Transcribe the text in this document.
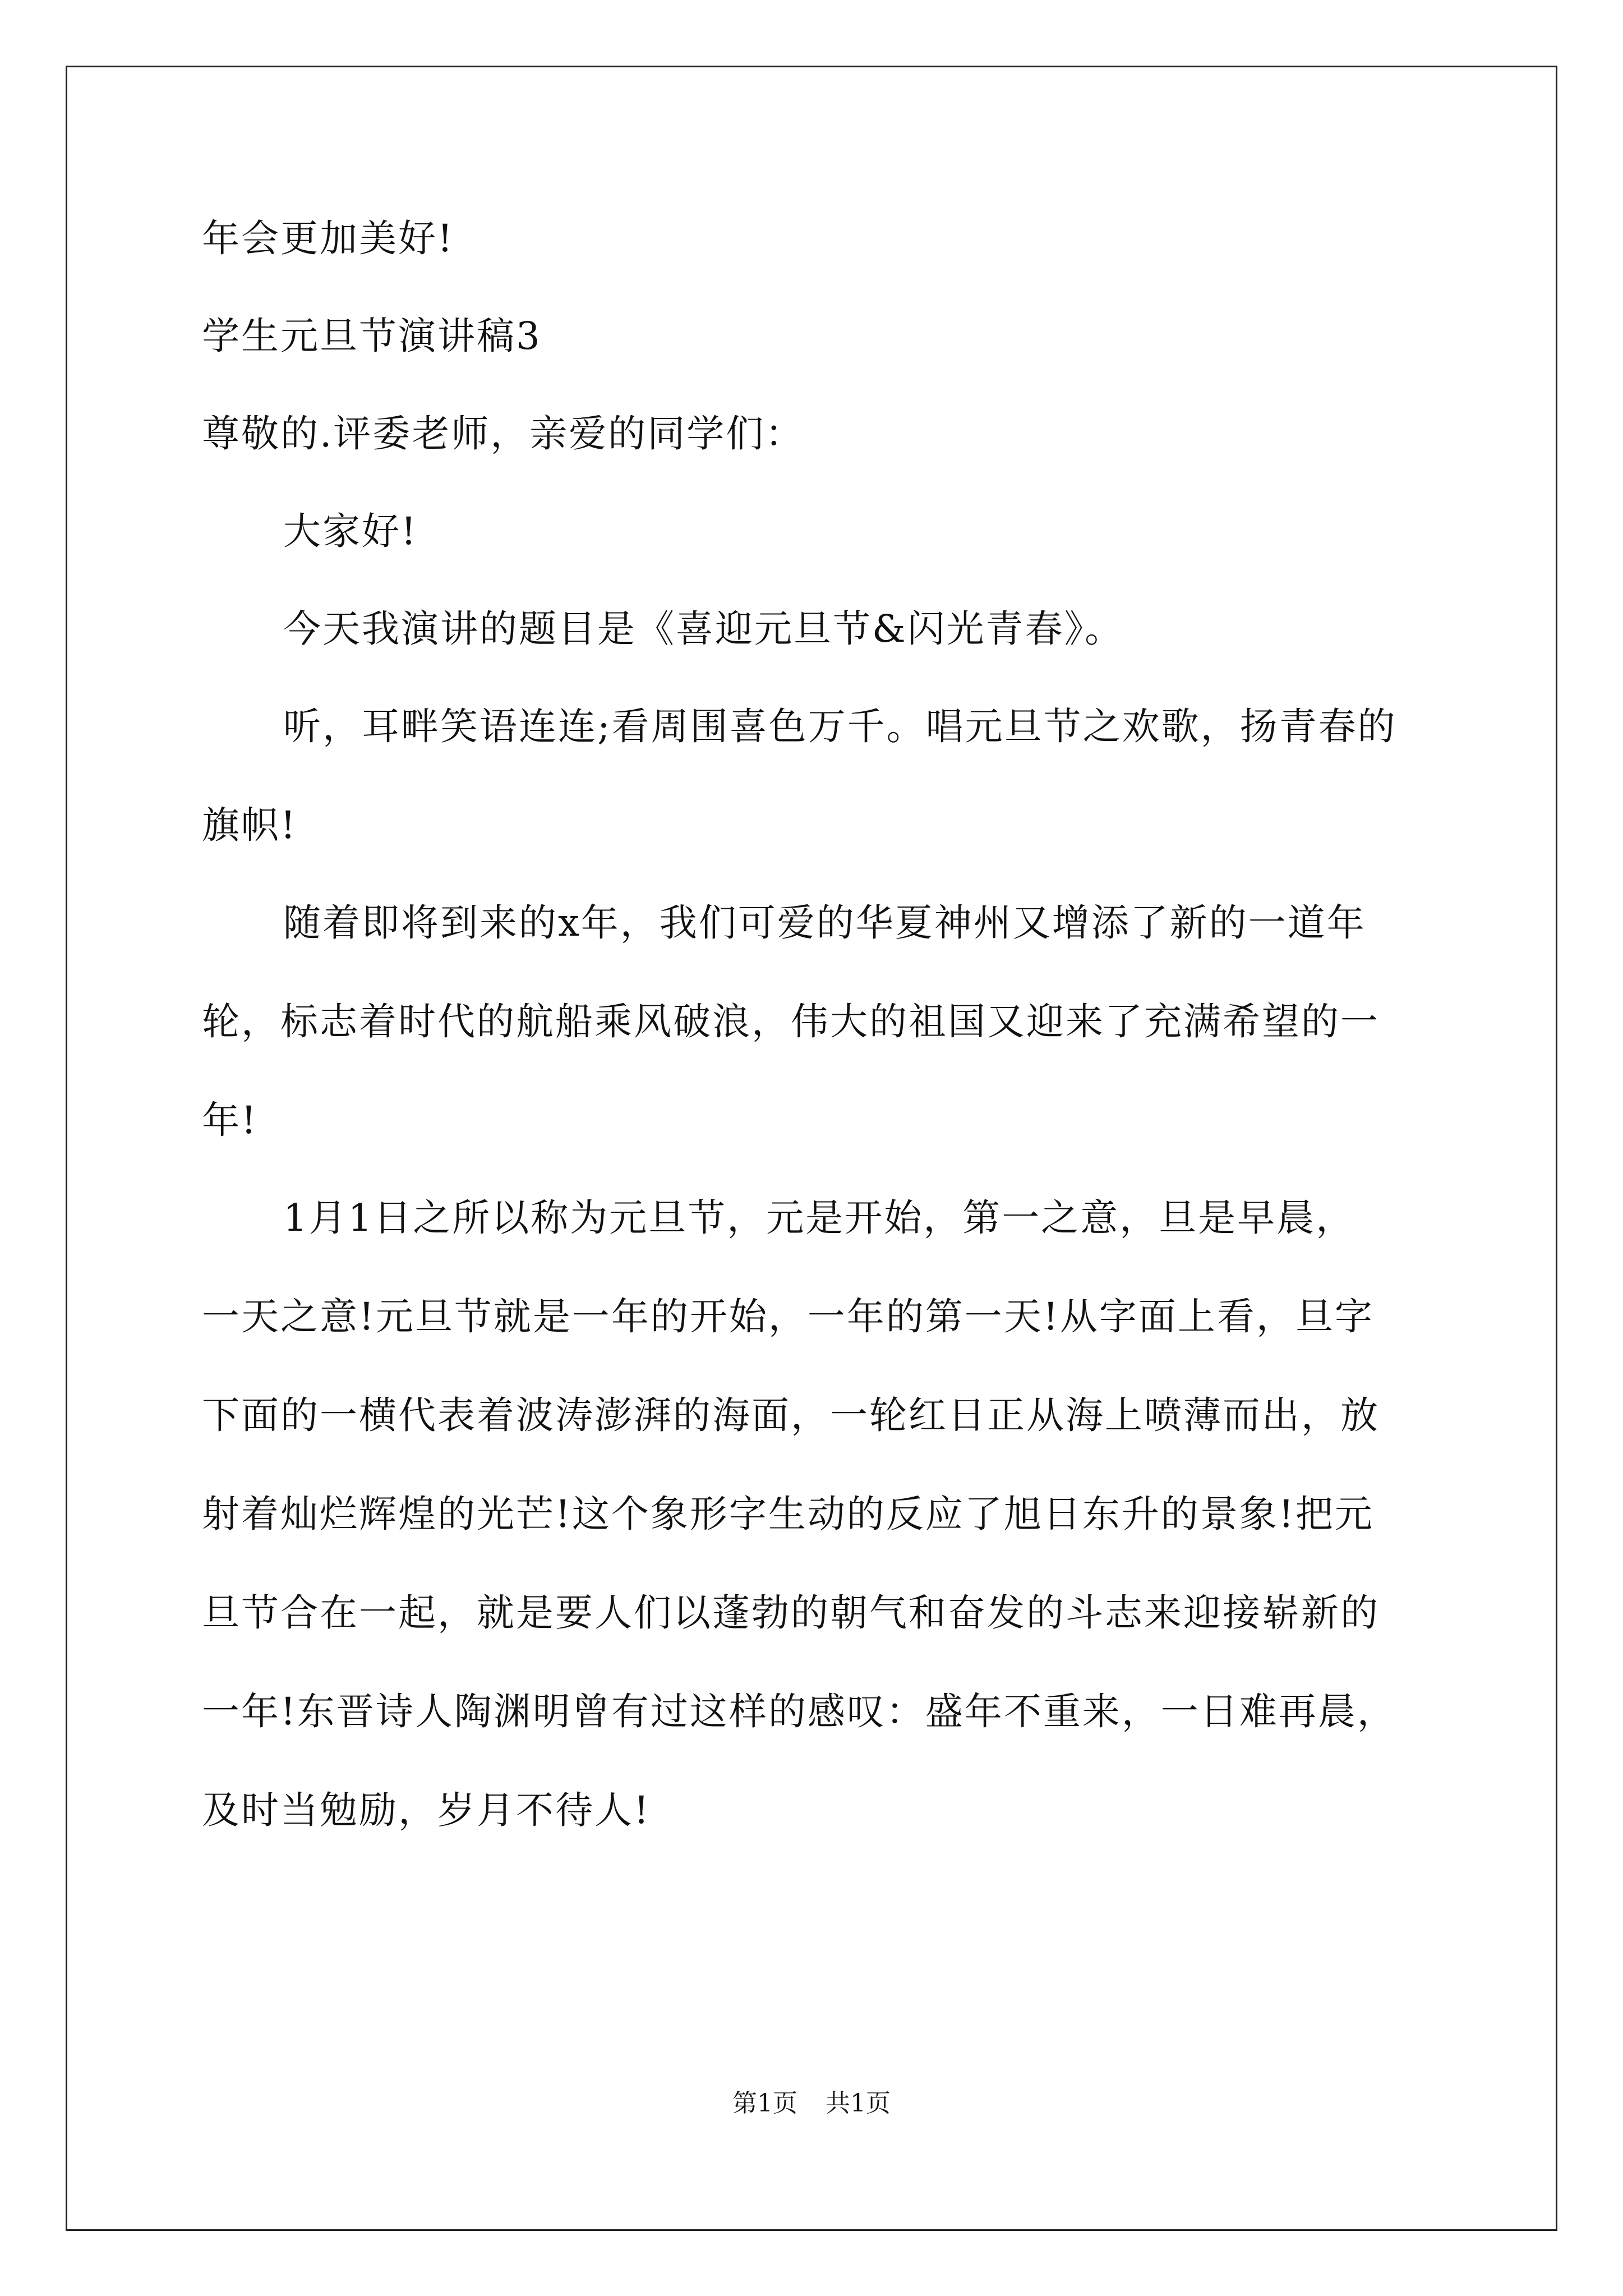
年会更加美好!
学生元旦节演讲稿3
尊敬的.评委老师，亲爱的同学们：
大家好!
今天我演讲的题目是《喜迎元旦节&闪光青春》。
听，耳畔笑语连连;看周围喜色万千。唱元旦节之欢歌，扬青春的
旗帜!
随着即将到来的x年，我们可爱的华夏神州又增添了新的一道年
轮，标志着时代的航船乘风破浪，伟大的祖国又迎来了充满希望的一
年!
1月1日之所以称为元旦节，元是开始，第一之意，旦是早晨，
一天之意!元旦节就是一年的开始，一年的第一天!从字面上看，旦字
下面的一横代表着波涛澎湃的海面，一轮红日正从海上喷薄而出，放
射着灿烂辉煌的光芒!这个象形字生动的反应了旭日东升的景象!把元
旦节合在一起，就是要人们以蓬勃的朝气和奋发的斗志来迎接崭新的
一年!东晋诗人陶渊明曾有过这样的感叹：盛年不重来，一日难再晨，
及时当勉励，岁月不待人!
第1页 共1页
